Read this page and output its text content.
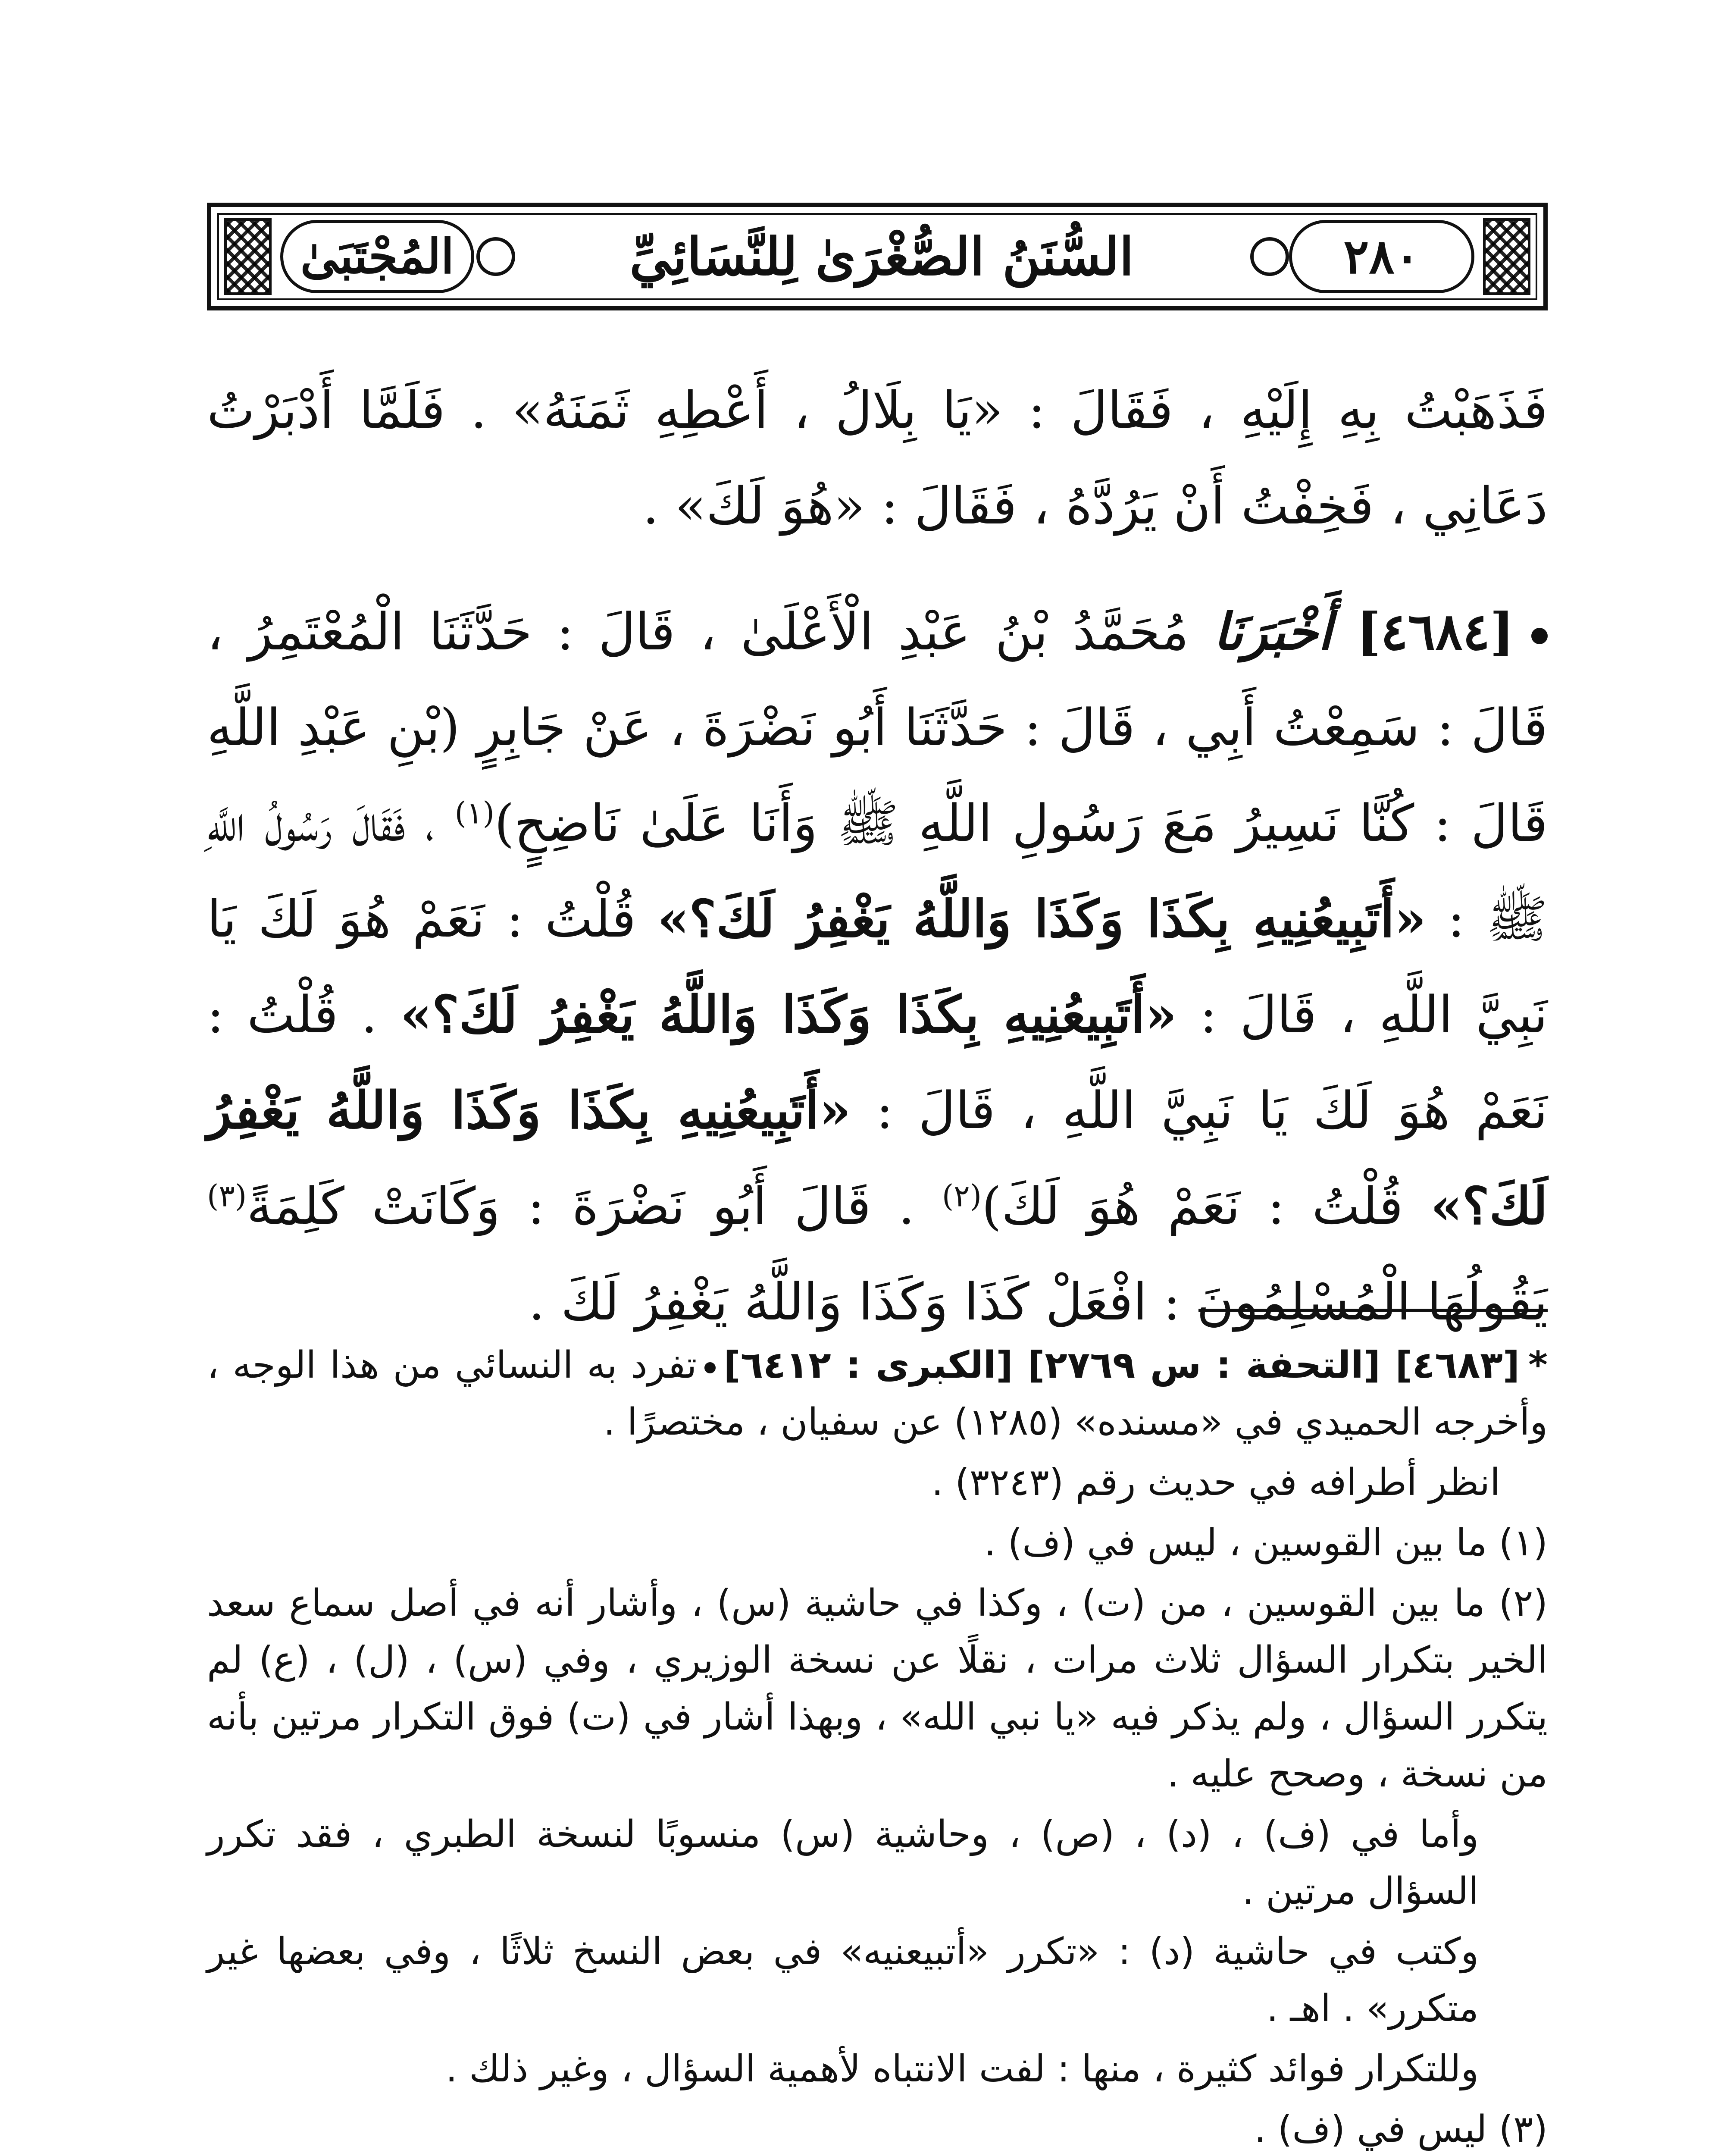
٢٨٠
السُّنَنُ الصُّغْرَىٰ لِلنَّسَائِيِّ
المُجْتَبَىٰ

فَذَهَبْتُ بِهِ إِلَيْهِ ، فَقَالَ : «يَا بِلَالُ ، أَعْطِهِ ثَمَنَهُ» . فَلَمَّا أَدْبَرْتُ دَعَانِي ، فَخِفْتُ أَنْ يَرُدَّهُ ، فَقَالَ : «هُوَ لَكَ» .

[٤٦٨٤] أَخْبَرَنَا مُحَمَّدُ بْنُ عَبْدِ الْأَعْلَىٰ ، قَالَ : حَدَّثَنَا الْمُعْتَمِرُ ، قَالَ : سَمِعْتُ أَبِي ، قَالَ : حَدَّثَنَا أَبُو نَضْرَةَ ، عَنْ جَابِرٍ (بْنِ عَبْدِ اللَّهِ قَالَ : كُنَّا نَسِيرُ مَعَ رَسُولِ اللَّهِ ﷺ وَأَنَا عَلَىٰ نَاضِحٍ)$^{(١)}$ ، فَقَالَ رَسُولُ اللَّهِ ﷺ : «أَتَبِيعُنِيهِ بِكَذَا وَكَذَا وَاللَّهُ يَغْفِرُ لَكَ؟» قُلْتُ : نَعَمْ هُوَ لَكَ يَا نَبِيَّ اللَّهِ ، قَالَ : «أَتَبِيعُنِيهِ بِكَذَا وَكَذَا وَاللَّهُ يَغْفِرُ لَكَ؟» . قُلْتُ : نَعَمْ هُوَ لَكَ يَا نَبِيَّ اللَّهِ ، قَالَ : «أَتَبِيعُنِيهِ بِكَذَا وَكَذَا وَاللَّهُ يَغْفِرُ لَكَ؟» قُلْتُ : نَعَمْ هُوَ لَكَ)$^{(٢)}$ . قَالَ أَبُو نَضْرَةَ : وَكَانَتْ كَلِمَةً$^{(٣)}$ يَقُولُهَا الْمُسْلِمُونَ : افْعَلْ كَذَا وَكَذَا وَاللَّهُ يَغْفِرُ لَكَ .

*[٤٦٨٣] [التحفة : س ٢٧٦٩] [الكبرى : ٦٤١٢]تفرد به النسائي من هذا الوجه ، وأخرجه الحميدي في «مسنده» (١٢٨٥) عن سفيان ، مختصرًا .

انظر أطرافه في حديث رقم (٣٢٤٣) .

(١) ما بين القوسين ، ليس في (ف) .

(٢) ما بين القوسين ، من (ت) ، وكذا في حاشية (س) ، وأشار أنه في أصل سماع سعد الخير بتكرار السؤال ثلاث مرات ، نقلًا عن نسخة الوزيري ، وفي (س) ، (ل) ، (ع) لم يتكرر السؤال ، ولم يذكر فيه «يا نبي الله» ، وبهذا أشار في (ت) فوق التكرار مرتين بأنه من نسخة ، وصحح عليه .

وأما في (ف) ، (د) ، (ص) ، وحاشية (س) منسوبًا لنسخة الطبري ، فقد تكرر السؤال مرتين .

وكتب في حاشية (د) : «تكرر «أتبيعنيه» في بعض النسخ ثلاثًا ، وفي بعضها غير متكرر» . اهـ .

وللتكرار فوائد كثيرة ، منها : لفت الانتباه لأهمية السؤال ، وغير ذلك .

(٣) ليس في (ف) .
